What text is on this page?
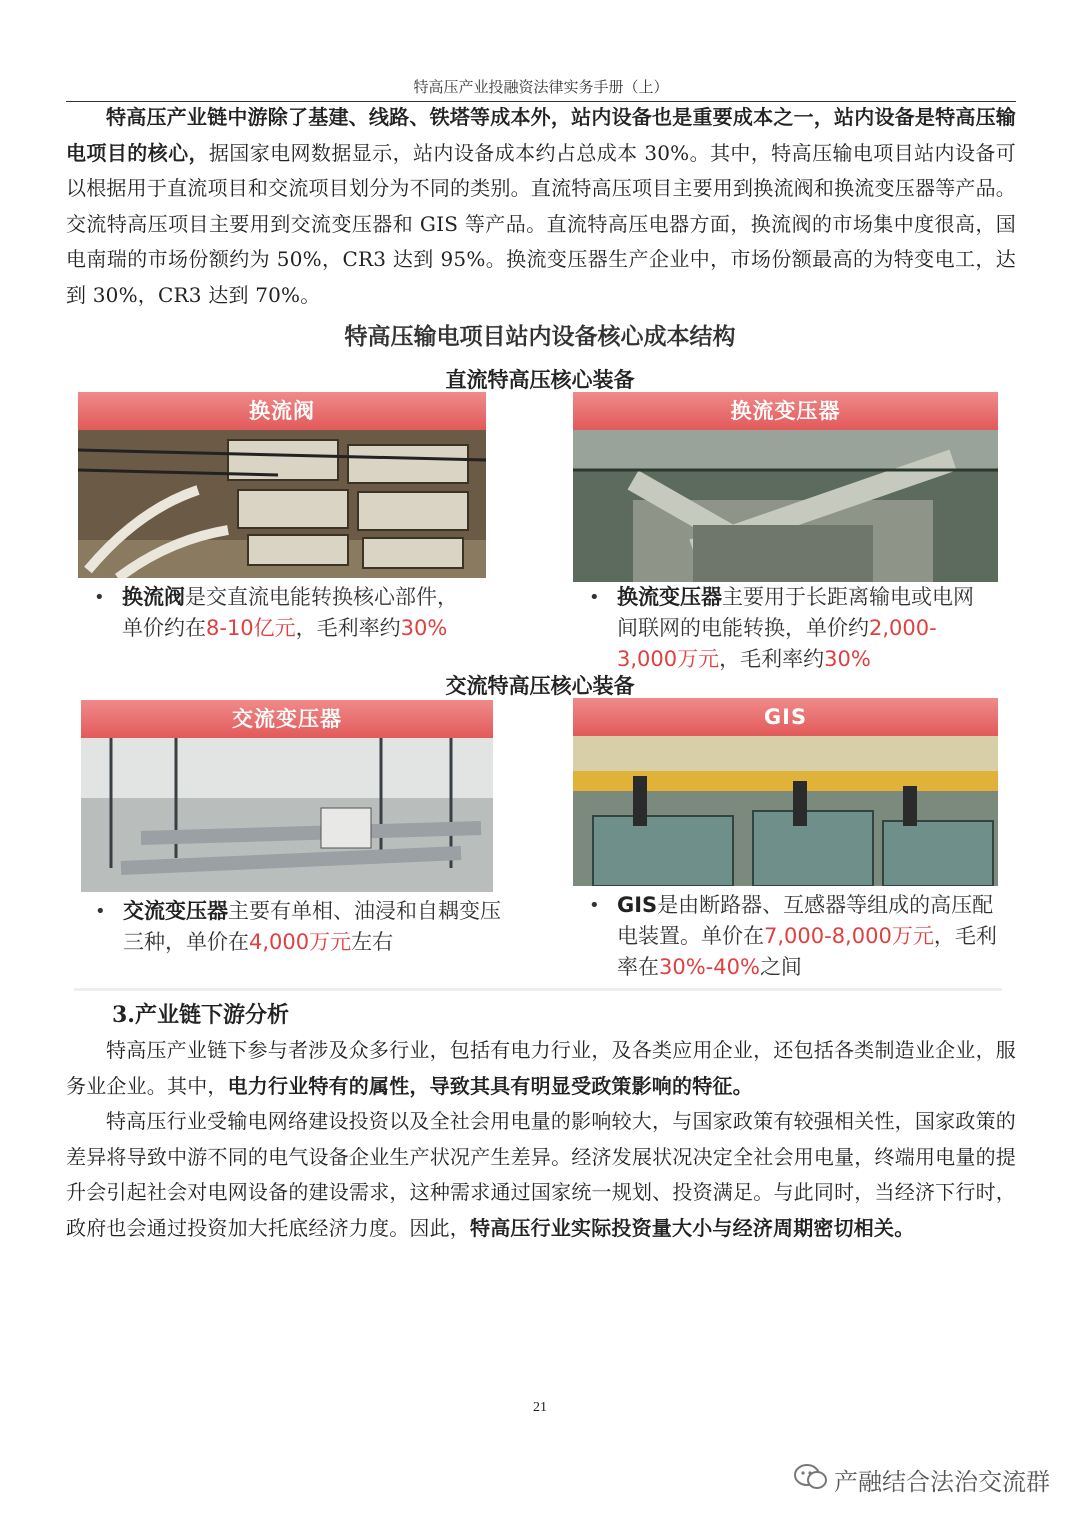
特高压产业投融资法律实务手册（上）
特高压产业链中游除了基建、线路、铁塔等成本外，站内设备也是重要成本之一，站内设备是特高压输电项目的核心，据国家电网数据显示，站内设备成本约占总成本 30%。其中，特高压输电项目站内设备可以根据用于直流项目和交流项目划分为不同的类别。直流特高压项目主要用到换流阀和换流变压器等产品。交流特高压项目主要用到交流变压器和 GIS 等产品。直流特高压电器方面，换流阀的市场集中度很高，国电南瑞的市场份额约为 50%，CR3 达到 95%。换流变压器生产企业中，市场份额最高的为特变电工，达到 30%，CR3 达到 70%。
特高压输电项目站内设备核心成本结构
直流特高压核心装备
换流阀
• 换流阀是交直流电能转换核心部件，单价约在8-10亿元，毛利率约30%
换流变压器
• 换流变压器主要用于长距离输电或电网间联网的电能转换，单价约2,000-3,000万元，毛利率约30%
交流特高压核心装备
交流变压器
• 交流变压器主要有单相、油浸和自耦变压三种，单价在4,000万元左右
GIS
• GIS是由断路器、互感器等组成的高压配电装置。单价在7,000-8,000万元，毛利率在30%-40%之间
3.产业链下游分析
特高压产业链下参与者涉及众多行业，包括有电力行业，及各类应用企业，还包括各类制造业企业，服务业企业。其中，电力行业特有的属性，导致其具有明显受政策影响的特征。
特高压行业受输电网络建设投资以及全社会用电量的影响较大，与国家政策有较强相关性，国家政策的差异将导致中游不同的电气设备企业生产状况产生差异。经济发展状况决定全社会用电量，终端用电量的提升会引起社会对电网设备的建设需求，这种需求通过国家统一规划、投资满足。与此同时，当经济下行时，政府也会通过投资加大托底经济力度。因此，特高压行业实际投资量大小与经济周期密切相关。
21
产融结合法治交流群
